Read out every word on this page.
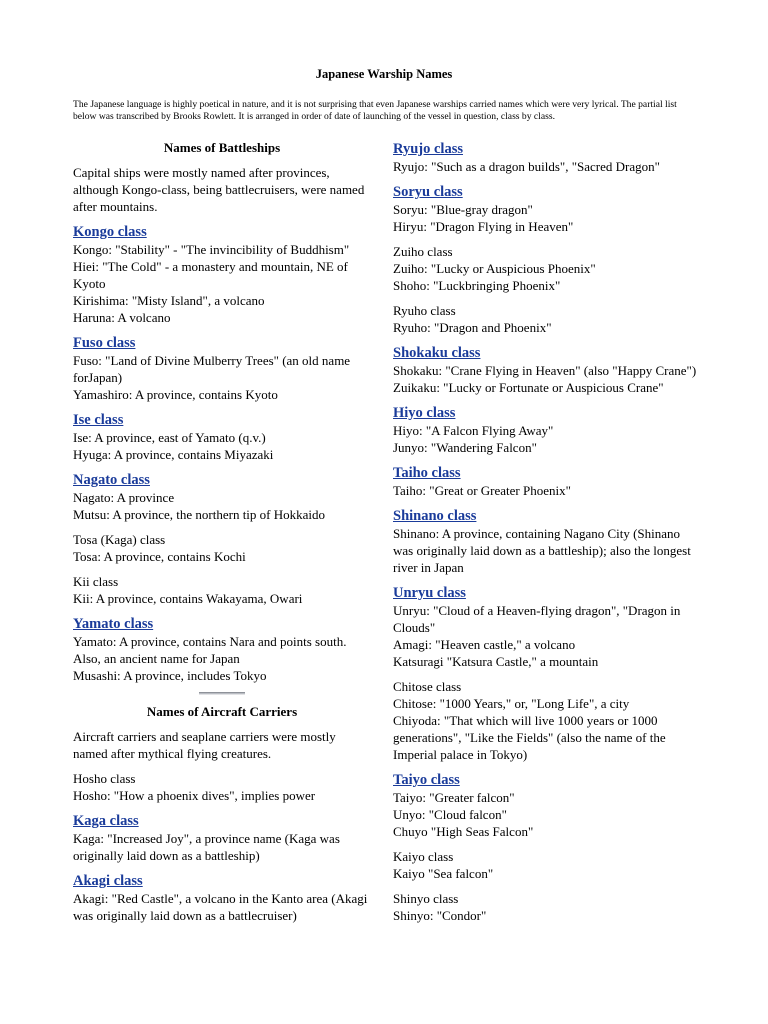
Japanese Warship Names
The Japanese language is highly poetical in nature, and it is not surprising that even Japanese warships carried names which were very lyrical. The partial list below was transcribed by Brooks Rowlett. It is arranged in order of date of launching of the vessel in question, class by class.
Names of Battleships
Capital ships were mostly named after provinces, although Kongo-class, being battlecruisers, were named after mountains.
Kongo class
Kongo: "Stability" - "The invincibility of Buddhism"
Hiei: "The Cold" - a monastery and mountain, NE of Kyoto
Kirishima: "Misty Island", a volcano
Haruna: A volcano
Fuso class
Fuso: "Land of Divine Mulberry Trees" (an old name forJapan)
Yamashiro: A province, contains Kyoto
Ise class
Ise: A province, east of Yamato (q.v.)
Hyuga: A province, contains Miyazaki
Nagato class
Nagato: A province
Mutsu: A province, the northern tip of Hokkaido
Tosa (Kaga) class
Tosa: A province, contains Kochi
Kii class
Kii: A province, contains Wakayama, Owari
Yamato class
Yamato: A province, contains Nara and points south. Also, an ancient name for Japan
Musashi: A province, includes Tokyo
Names of Aircraft Carriers
Aircraft carriers and seaplane carriers were mostly named after mythical flying creatures.
Hosho class
Hosho: "How a phoenix dives", implies power
Kaga class
Kaga: "Increased Joy", a province name (Kaga was originally laid down as a battleship)
Akagi class
Akagi: "Red Castle", a volcano in the Kanto area (Akagi was originally laid down as a battlecruiser)
Ryujo class
Ryujo: "Such as a dragon builds", "Sacred Dragon"
Soryu class
Soryu: "Blue-gray dragon"
Hiryu: "Dragon Flying in Heaven"
Zuiho class
Zuiho: "Lucky or Auspicious Phoenix"
Shoho: "Luckbringing Phoenix"
Ryuho class
Ryuho: "Dragon and Phoenix"
Shokaku class
Shokaku: "Crane Flying in Heaven" (also "Happy Crane")
Zuikaku: "Lucky or Fortunate or Auspicious Crane"
Hiyo class
Hiyo: "A Falcon Flying Away"
Junyo: "Wandering Falcon"
Taiho class
Taiho: "Great or Greater Phoenix"
Shinano class
Shinano: A province, containing Nagano City (Shinano was originally laid down as a battleship); also the longest river in Japan
Unryu class
Unryu: "Cloud of a Heaven-flying dragon", "Dragon in Clouds"
Amagi: "Heaven castle," a volcano
Katsuragi "Katsura Castle," a mountain
Chitose class
Chitose: "1000 Years," or, "Long Life", a city
Chiyoda: "That which will live 1000 years or 1000 generations", "Like the Fields" (also the name of the Imperial palace in Tokyo)
Taiyo class
Taiyo: "Greater falcon"
Unyo: "Cloud falcon"
Chuyo "High Seas Falcon"
Kaiyo class
Kaiyo "Sea falcon"
Shinyo class
Shinyo: "Condor"
